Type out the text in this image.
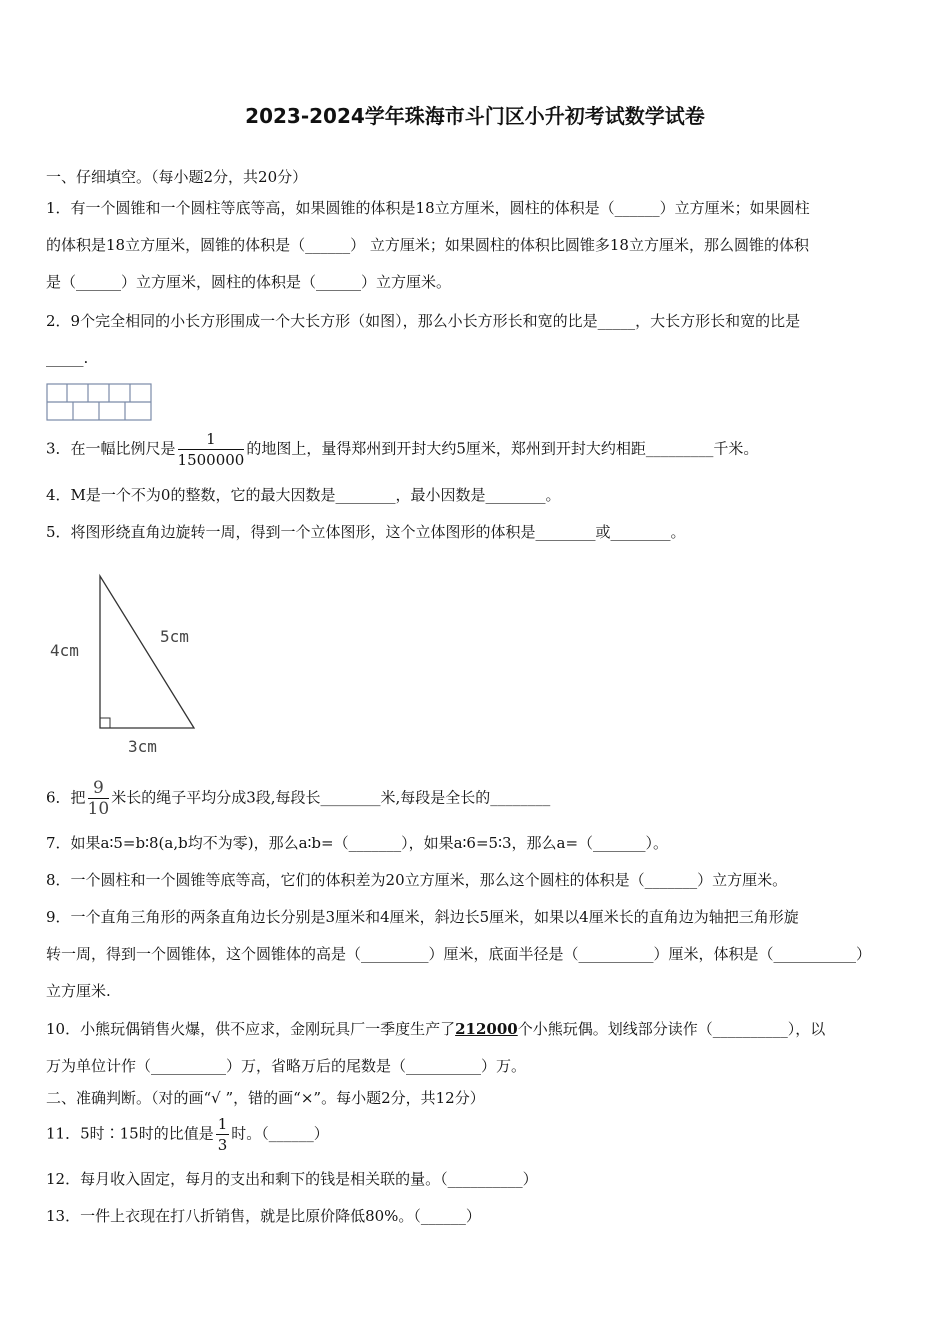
2023-2024学年珠海市斗门区小升初考试数学试卷
一、仔细填空。（每小题2分，共20分）
1．有一个圆锥和一个圆柱等底等高，如果圆锥的体积是18立方厘米，圆柱的体积是（______）立方厘米；如果圆柱
的体积是18立方厘米，圆锥的体积是（______） 立方厘米；如果圆柱的体积比圆锥多18立方厘米，那么圆锥的体积
是（______）立方厘米，圆柱的体积是（______）立方厘米。
2．9个完全相同的小长方形围成一个大长方形（如图），那么小长方形长和宽的比是_____，大长方形长和宽的比是
_____.
3．在一幅比例尺是 $\frac{1}{1500000}$ 的地图上，量得郑州到开封大约5厘米，郑州到开封大约相距_________千米。
4．M是一个不为0的整数，它的最大因数是________，最小因数是________。
5．将图形绕直角边旋转一周，得到一个立体图形，这个立体图形的体积是________或________。
4cm
5cm
3cm
6．把 $\frac{9}{10}$ 米长的绳子平均分成3段,每段长________米,每段是全长的________
7．如果a∶5=b∶8(a,b均不为零)，那么a∶b=（_______），如果a∶6=5∶3，那么a=（_______）。
8．一个圆柱和一个圆锥等底等高，它们的体积差为20立方厘米，那么这个圆柱的体积是（_______）立方厘米。
9．一个直角三角形的两条直角边长分别是3厘米和4厘米，斜边长5厘米，如果以4厘米长的直角边为轴把三角形旋
转一周，得到一个圆锥体，这个圆锥体的高是（_________）厘米，底面半径是（__________）厘米，体积是（___________）
立方厘米.
10．小熊玩偶销售火爆，供不应求，金刚玩具厂一季度生产了212000个小熊玩偶。划线部分读作（__________），以
万为单位计作（__________）万，省略万后的尾数是（__________）万。
二、准确判断。（对的画“√ ”，错的画“×”。每小题2分，共12分）
11．5时∶15时的比值是 $\frac{1}{3}$ 时。（______）
12．每月收入固定，每月的支出和剩下的钱是相关联的量。（__________）
13．一件上衣现在打八折销售，就是比原价降低80%。（______）
